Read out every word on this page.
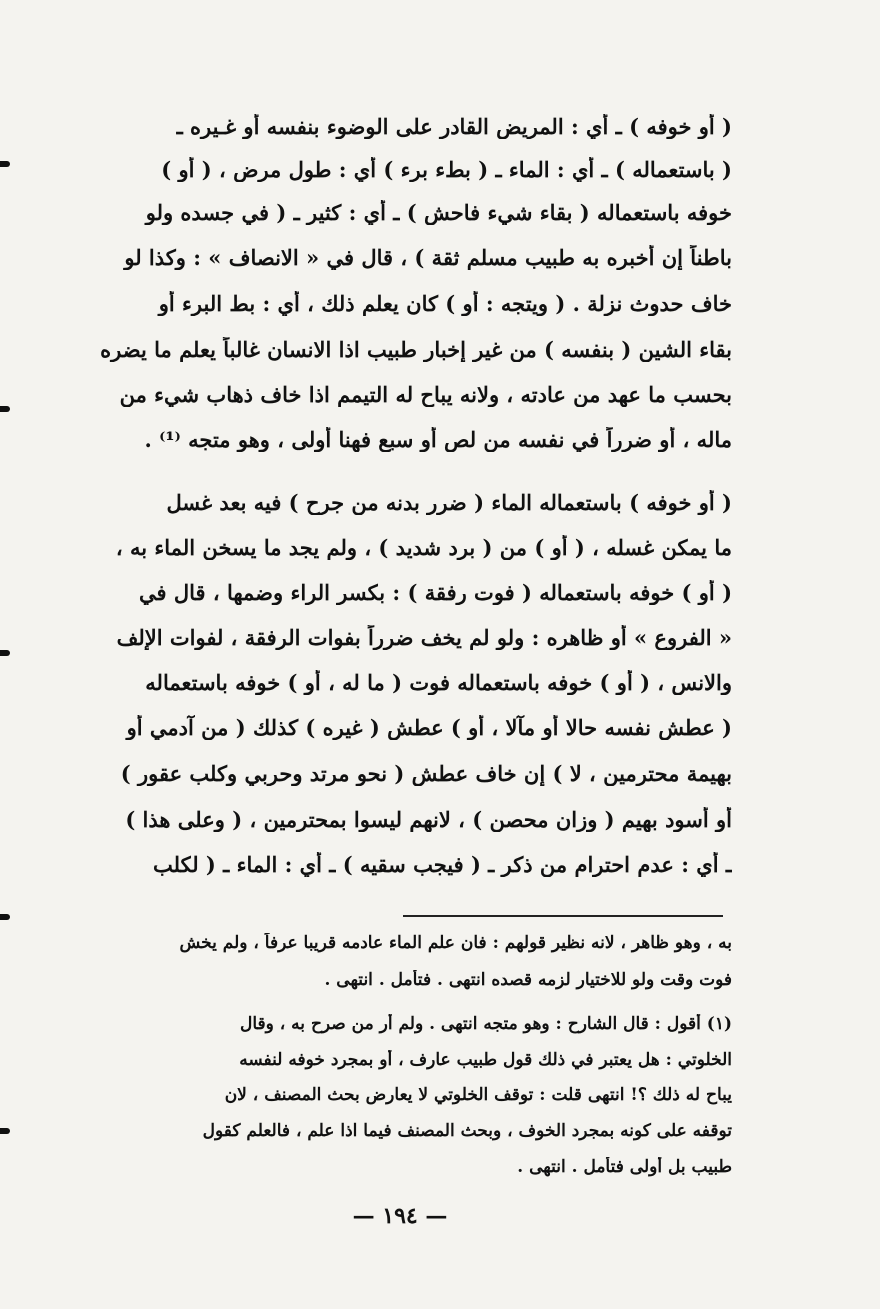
( أو خوفه ) ـ أي : المريض القادر على الوضوء بنفسه أو غـيره ـ
( باستعماله ) ـ أي : الماء ـ ( بطء برء ) أي : طول مرض ، ( أو )
خوفه باستعماله ( بقاء شيء فاحش ) ـ أي : كثير ـ ( في جسده ولو
باطناً إن أخبره به طبيب مسلم ثقة ) ، قال في « الانصاف » : وكذا لو
خاف حدوث نزلة . ( ويتجه : أو ) كان يعلم ذلك ، أي : بط البرء أو
بقاء الشين ( بنفسه ) من غير إخبار طبيب اذا الانسان غالباً يعلم ما يضره
بحسب ما عهد من عادته ، ولانه يباح له التيمم اذا خاف ذهاب شيء من
ماله ، أو ضرراً في نفسه من لص أو سبع فهنا أولى ، وهو متجه ⁽¹⁾ .
( أو خوفه ) باستعماله الماء ( ضرر بدنه من جرح ) فيه بعد غسل
ما يمكن غسله ، ( أو ) من ( برد شديد ) ، ولم يجد ما يسخن الماء به ،
( أو ) خوفه باستعماله ( فوت رفقة ) : بكسر الراء وضمها ، قال في
« الفروع » أو ظاهره : ولو لم يخف ضرراً بفوات الرفقة ، لفوات الإلف
والانس ، ( أو ) خوفه باستعماله فوت ( ما له ، أو ) خوفه باستعماله
( عطش نفسه حالا أو مآلا ، أو ) عطش ( غيره ) كذلك ( من آدمي أو
بهيمة محترمين ، لا ) إن خاف عطش ( نحو مرتد وحربي وكلب عقور )
أو أسود بهيم ( وزان محصن ) ، لانهم ليسوا بمحترمين ، ( وعلى هذا )
ـ أي : عدم احترام من ذكر ـ ( فيجب سقيه ) ـ أي : الماء ـ ( لكلب
به ، وهو ظاهر ، لانه نظير قولهم : فان علم الماء عادمه قريبا عرفاً ، ولم يخش
فوت وقت ولو للاختيار لزمه قصده انتهى . فتأمل . انتهى .
(١) أقول : قال الشارح : وهو متجه انتهى . ولم أر من صرح به ، وقال
الخلوتي : هل يعتبر في ذلك قول طبيب عارف ، أو بمجرد خوفه لنفسه
يباح له ذلك ؟! انتهى قلت : توقف الخلوتي لا يعارض بحث المصنف ، لان
توقفه على كونه بمجرد الخوف ، وبحث المصنف فيما اذا علم ، فالعلم كقول
طبيب بل أولى فتأمل . انتهى .
— ١٩٤ —
